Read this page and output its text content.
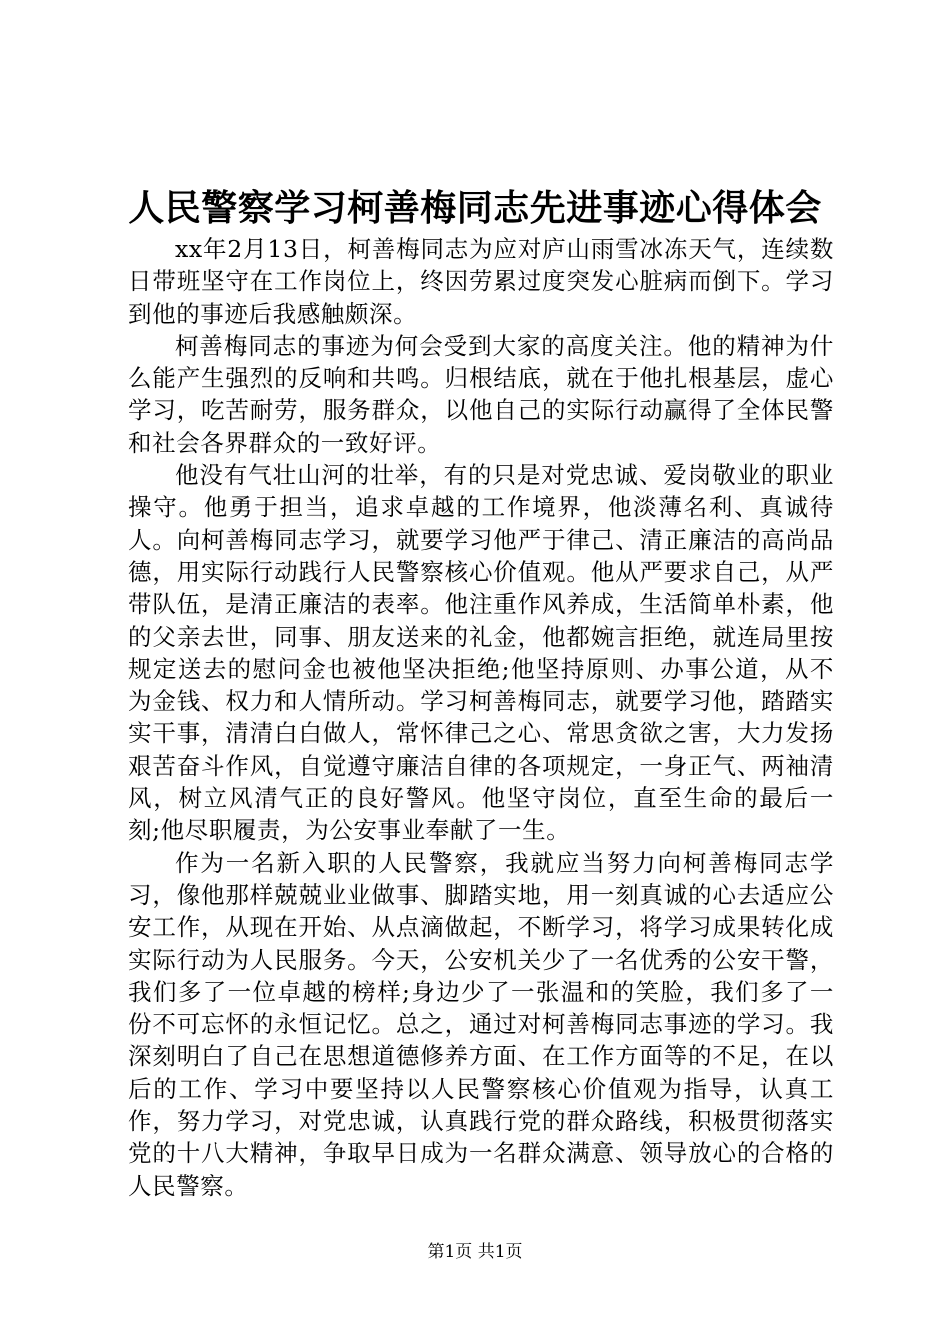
人民警察学习柯善梅同志先进事迹心得体会

xx年2月13日，柯善梅同志为应对庐山雨雪冰冻天气，连续数日带班坚守在工作岗位上，终因劳累过度突发心脏病而倒下。学习到他的事迹后我感触颇深。

柯善梅同志的事迹为何会受到大家的高度关注。他的精神为什么能产生强烈的反响和共鸣。归根结底，就在于他扎根基层，虚心学习，吃苦耐劳，服务群众，以他自己的实际行动赢得了全体民警和社会各界群众的一致好评。

他没有气壮山河的壮举，有的只是对党忠诚、爱岗敬业的职业操守。他勇于担当，追求卓越的工作境界，他淡薄名利、真诚待人。向柯善梅同志学习，就要学习他严于律己、清正廉洁的高尚品德，用实际行动践行人民警察核心价值观。他从严要求自己，从严带队伍，是清正廉洁的表率。他注重作风养成，生活简单朴素，他的父亲去世，同事、朋友送来的礼金，他都婉言拒绝，就连局里按规定送去的慰问金也被他坚决拒绝;他坚持原则、办事公道，从不为金钱、权力和人情所动。学习柯善梅同志，就要学习他，踏踏实实干事，清清白白做人，常怀律己之心、常思贪欲之害，大力发扬艰苦奋斗作风，自觉遵守廉洁自律的各项规定，一身正气、两袖清风，树立风清气正的良好警风。他坚守岗位，直至生命的最后一刻;他尽职履责，为公安事业奉献了一生。

作为一名新入职的人民警察，我就应当努力向柯善梅同志学习，像他那样兢兢业业做事、脚踏实地，用一刻真诚的心去适应公安工作，从现在开始、从点滴做起，不断学习，将学习成果转化成实际行动为人民服务。今天，公安机关少了一名优秀的公安干警，我们多了一位卓越的榜样;身边少了一张温和的笑脸，我们多了一份不可忘怀的永恒记忆。总之，通过对柯善梅同志事迹的学习。我深刻明白了自己在思想道德修养方面、在工作方面等的不足，在以后的工作、学习中要坚持以人民警察核心价值观为指导，认真工作，努力学习，对党忠诚，认真践行党的群众路线，积极贯彻落实党的十八大精神，争取早日成为一名群众满意、领导放心的合格的人民警察。

第1页 共1页
